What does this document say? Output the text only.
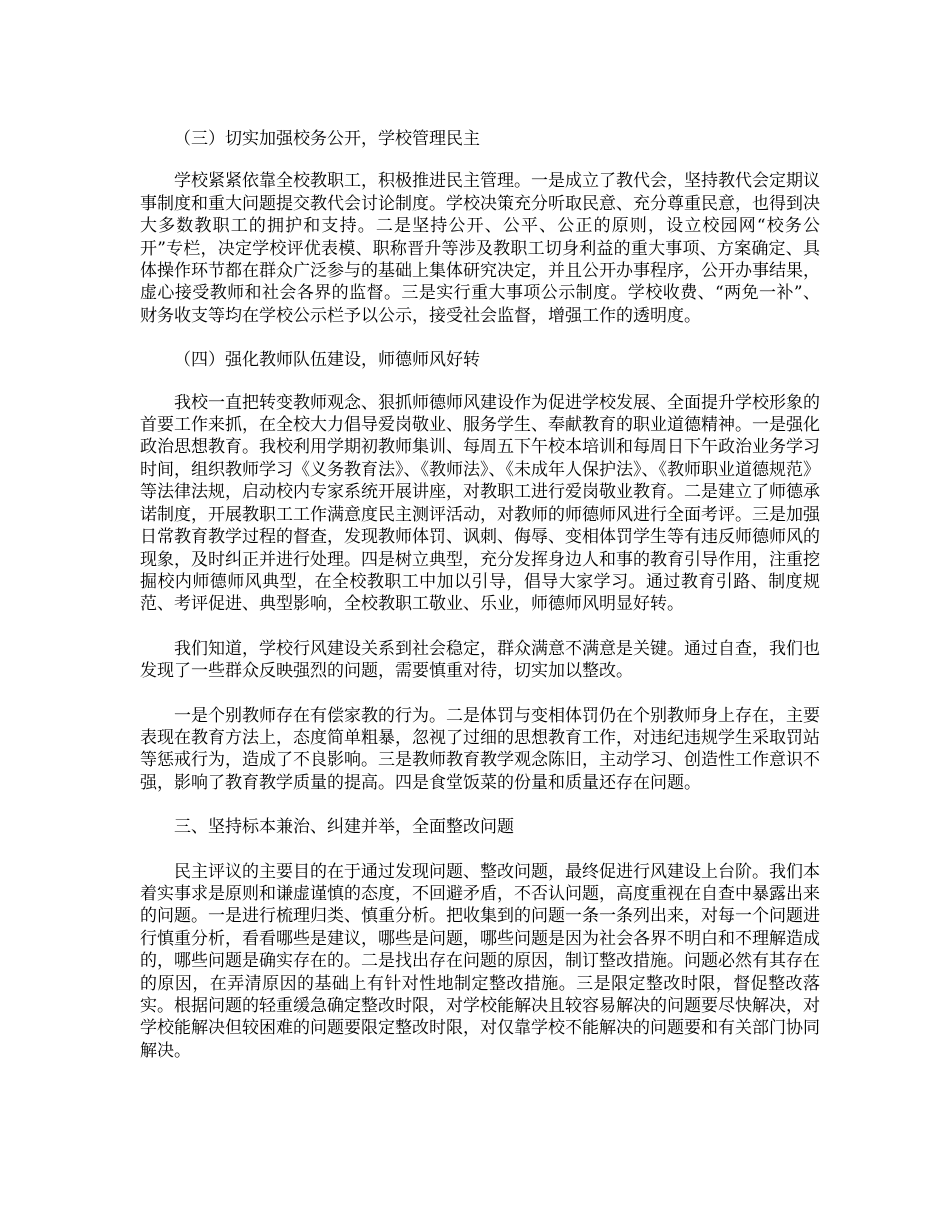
（三）切实加强校务公开，学校管理民主

学校紧紧依靠全校教职工，积极推进民主管理。一是成立了教代会，坚持教代会定期议事制度和重大问题提交教代会讨论制度。学校决策充分听取民意、充分尊重民意，也得到决大多数教职工的拥护和支持。二是坚持公开、公平、公正的原则，设立校园网“校务公开”专栏，决定学校评优表模、职称晋升等涉及教职工切身利益的重大事项、方案确定、具体操作环节都在群众广泛参与的基础上集体研究决定，并且公开办事程序，公开办事结果，虚心接受教师和社会各界的监督。三是实行重大事项公示制度。学校收费、“两免一补”、财务收支等均在学校公示栏予以公示，接受社会监督，增强工作的透明度。

（四）强化教师队伍建设，师德师风好转

我校一直把转变教师观念、狠抓师德师风建设作为促进学校发展、全面提升学校形象的首要工作来抓，在全校大力倡导爱岗敬业、服务学生、奉献教育的职业道德精神。一是强化政治思想教育。我校利用学期初教师集训、每周五下午校本培训和每周日下午政治业务学习时间，组织教师学习《义务教育法》、《教师法》、《未成年人保护法》、《教师职业道德规范》等法律法规，启动校内专家系统开展讲座，对教职工进行爱岗敬业教育。二是建立了师德承诺制度，开展教职工工作满意度民主测评活动，对教师的师德师风进行全面考评。三是加强日常教育教学过程的督查，发现教师体罚、讽刺、侮辱、变相体罚学生等有违反师德师风的现象，及时纠正并进行处理。四是树立典型，充分发挥身边人和事的教育引导作用，注重挖掘校内师德师风典型，在全校教职工中加以引导，倡导大家学习。通过教育引路、制度规范、考评促进、典型影响，全校教职工敬业、乐业，师德师风明显好转。

我们知道，学校行风建设关系到社会稳定，群众满意不满意是关键。通过自查，我们也发现了一些群众反映强烈的问题，需要慎重对待，切实加以整改。

一是个别教师存在有偿家教的行为。二是体罚与变相体罚仍在个别教师身上存在，主要表现在教育方法上，态度简单粗暴，忽视了过细的思想教育工作，对违纪违规学生采取罚站等惩戒行为，造成了不良影响。三是教师教育教学观念陈旧，主动学习、创造性工作意识不强，影响了教育教学质量的提高。四是食堂饭菜的份量和质量还存在问题。

三、坚持标本兼治、纠建并举，全面整改问题

民主评议的主要目的在于通过发现问题、整改问题，最终促进行风建设上台阶。我们本着实事求是原则和谦虚谨慎的态度，不回避矛盾，不否认问题，高度重视在自查中暴露出来的问题。一是进行梳理归类、慎重分析。把收集到的问题一条一条列出来，对每一个问题进行慎重分析，看看哪些是建议，哪些是问题，哪些问题是因为社会各界不明白和不理解造成的，哪些问题是确实存在的。二是找出存在问题的原因，制订整改措施。问题必然有其存在的原因，在弄清原因的基础上有针对性地制定整改措施。三是限定整改时限，督促整改落实。根据问题的轻重缓急确定整改时限，对学校能解决且较容易解决的问题要尽快解决，对学校能解决但较困难的问题要限定整改时限，对仅靠学校不能解决的问题要和有关部门协同解决。
